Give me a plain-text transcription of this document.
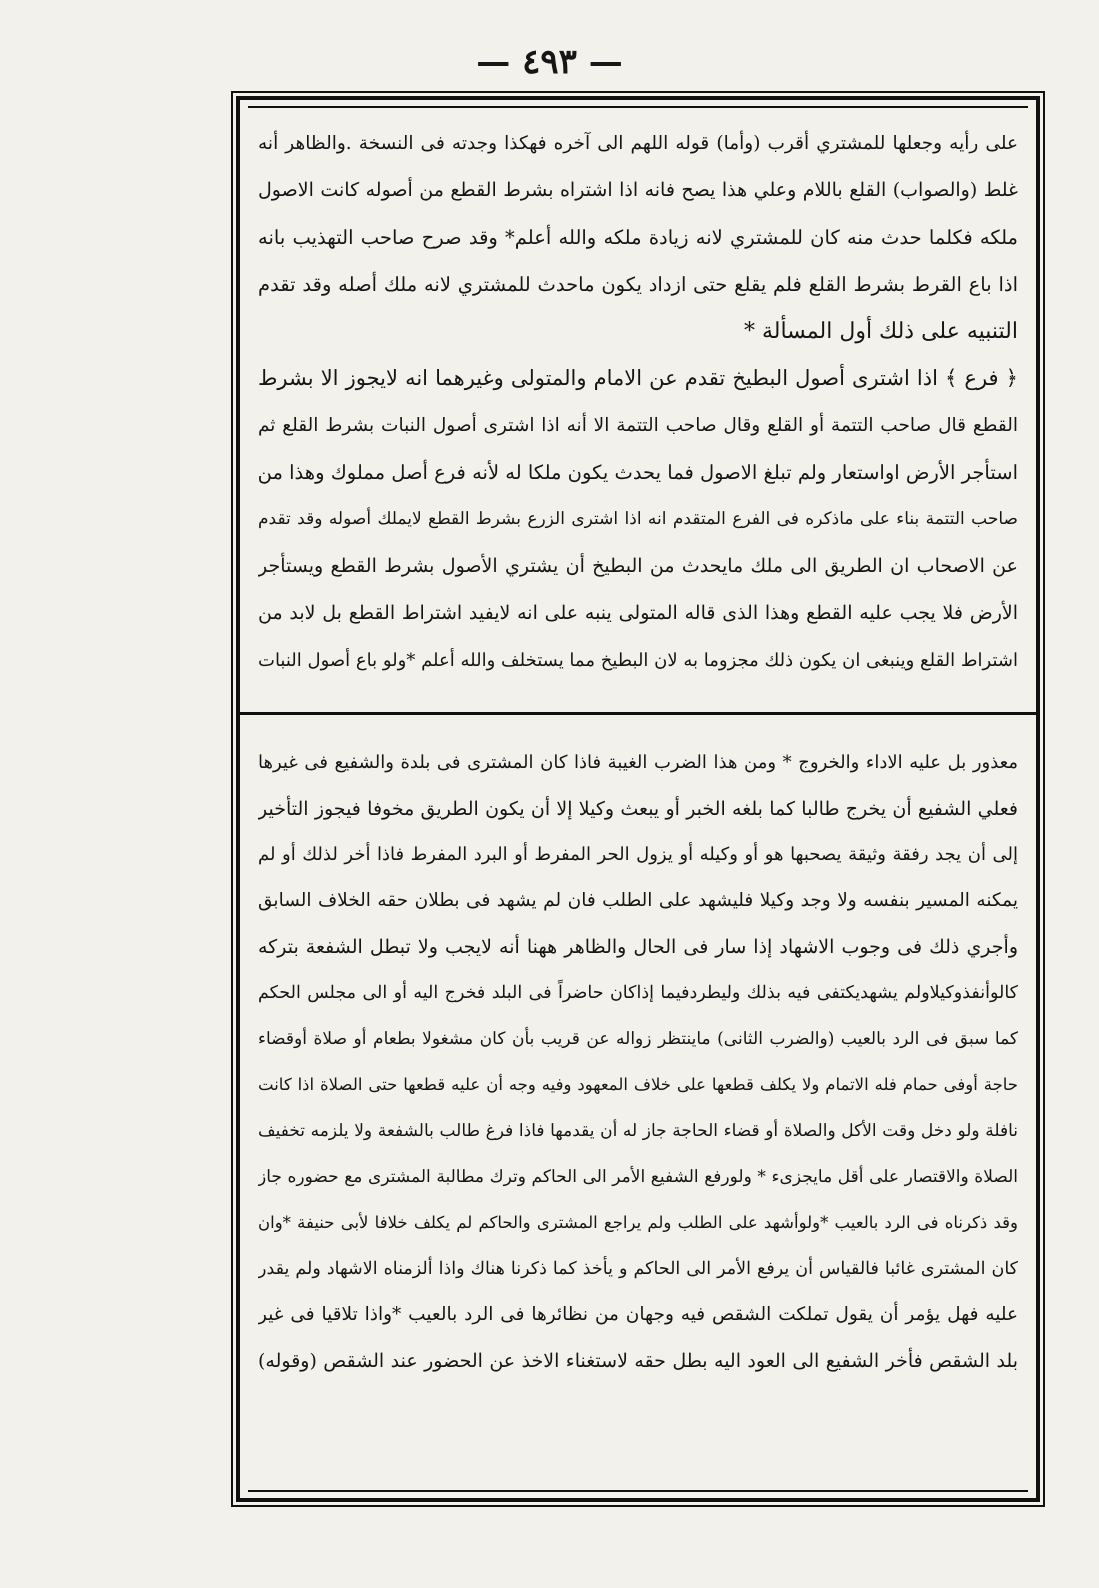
— ٤٩٣ —
على رأيه وجعلها للمشتري أقرب (وأما) قوله اللهم الى آخره فهكذا وجدته فى النسخة .والظاهر أنه
غلط (والصواب) القلع باللام وعلي هذا يصح فانه اذا اشتراه بشرط القطع من أصوله كانت الاصول
ملكه فكلما حدث منه كان للمشتري لانه زيادة ملكه والله أعلم* وقد صرح صاحب التهذيب بانه
اذا باع القرط بشرط القلع فلم يقلع حتى ازداد يكون ماحدث للمشتري لانه ملك أصله وقد تقدم
التنبيه على ذلك أول المسألة *
﴿ فرع ﴾ اذا اشترى أصول البطيخ تقدم عن الامام والمتولى وغيرهما انه لايجوز الا بشرط
القطع قال صاحب التتمة أو القلع وقال صاحب التتمة الا أنه اذا اشترى أصول النبات بشرط القلع ثم
استأجر الأرض اواستعار ولم تبلغ الاصول فما يحدث يكون ملكا له لأنه فرع أصل مملوك وهذا من
صاحب التتمة بناء على ماذكره فى الفرع المتقدم انه اذا اشترى الزرع بشرط القطع لايملك أصوله وقد تقدم
عن الاصحاب ان الطريق الى ملك مايحدث من البطيخ أن يشتري الأصول بشرط القطع ويستأجر
الأرض فلا يجب عليه القطع وهذا الذى قاله المتولى ينبه على انه لايفيد اشتراط القطع بل لابد من
اشتراط القلع وينبغى ان يكون ذلك مجزوما به لان البطيخ مما يستخلف والله أعلم *ولو باع أصول النبات
معذور بل عليه الاداء والخروج * ومن هذا الضرب الغيبة فاذا كان المشترى فى بلدة والشفيع فى غيرها
فعلي الشفيع أن يخرج طالبا كما بلغه الخبر أو يبعث وكيلا إلا أن يكون الطريق مخوفا فيجوز التأخير
إلى أن يجد رفقة وثيقة يصحبها هو أو وكيله أو يزول الحر المفرط أو البرد المفرط فاذا أخر لذلك أو لم
يمكنه المسير بنفسه ولا وجد وكيلا فليشهد على الطلب فان لم يشهد فى بطلان حقه الخلاف السابق
وأجري ذلك فى وجوب الاشهاد إذا سار فى الحال والظاهر ههنا أنه لايجب ولا تبطل الشفعة بتركه
كالوأنفذوكيلاولم يشهديكتفى فيه بذلك وليطردفيما إذاكان حاضراً فى البلد فخرج اليه أو الى مجلس الحكم
كما سبق فى الرد بالعيب (والضرب الثانى) ماينتظر زواله عن قريب بأن كان مشغولا بطعام أو صلاة أوقضاء
حاجة أوفى حمام فله الاتمام ولا يكلف قطعها على خلاف المعهود وفيه وجه أن عليه قطعها حتى الصلاة اذا كانت
نافلة ولو دخل وقت الأكل والصلاة أو قضاء الحاجة جاز له أن يقدمها فاذا فرغ طالب بالشفعة ولا يلزمه تخفيف
الصلاة والاقتصار على أقل مايجزىء * ولورفع الشفيع الأمر الى الحاكم وترك مطالبة المشترى مع حضوره جاز
وقد ذكرناه فى الرد بالعيب *ولوأشهد على الطلب ولم يراجع المشترى والحاكم لم يكلف خلافا لأبى حنيفة *وان
كان المشترى غائبا فالقياس أن يرفع الأمر الى الحاكم و يأخذ كما ذكرنا هناك واذا ألزمناه الاشهاد ولم يقدر
عليه فهل يؤمر أن يقول تملكت الشقص فيه وجهان من نظائرها فى الرد بالعيب *واذا تلاقيا فى غير
بلد الشقص فأخر الشفيع الى العود اليه بطل حقه لاستغناء الاخذ عن الحضور عند الشقص (وقوله)
